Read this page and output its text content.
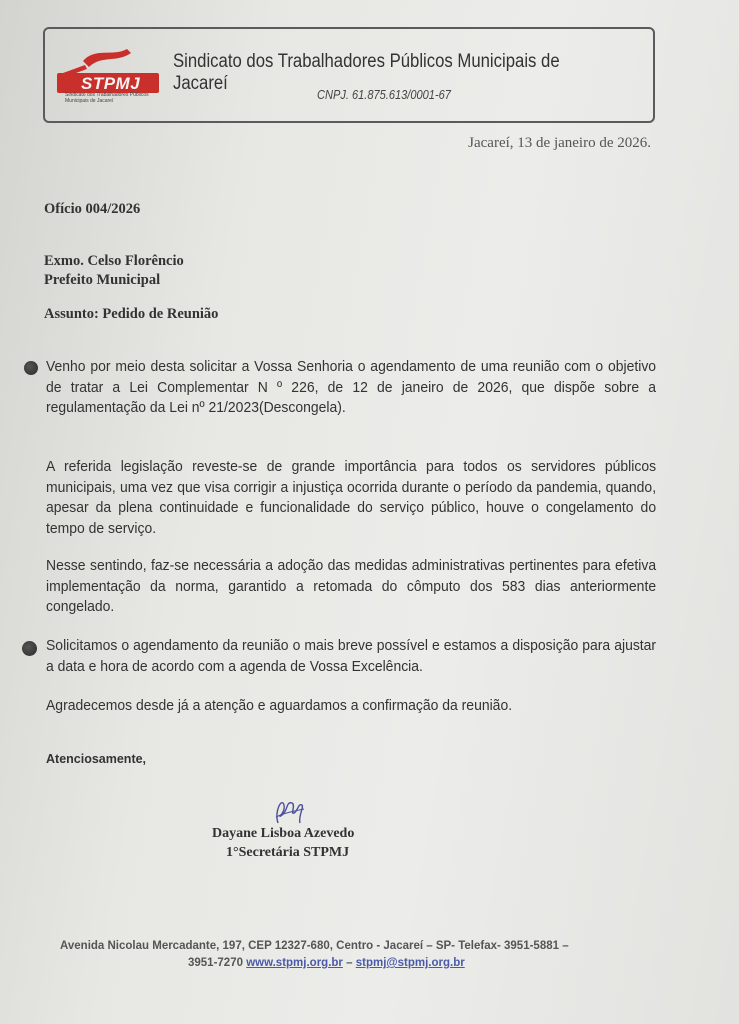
STPMJ
Sindicato dos Trabalhadores Públicos Municipais de Jacareí
Sindicato dos Trabalhadores Públicos Municipais de Jacareí
CNPJ. 61.875.613/0001-67
Jacareí, 13 de janeiro de 2026.
Ofício 004/2026
Exmo. Celso Florêncio
Prefeito Municipal
Assunto: Pedido de Reunião
Venho por meio desta solicitar a Vossa Senhoria o agendamento de uma reunião com o objetivo de tratar a Lei Complementar N º 226, de 12 de janeiro de 2026, que dispõe sobre a regulamentação da Lei nº 21/2023(Descongela).
A referida legislação reveste-se de grande importância para todos os servidores públicos municipais, uma vez que visa corrigir a injustiça ocorrida durante o período da pandemia, quando, apesar da plena continuidade e funcionalidade do serviço público, houve o congelamento do tempo de serviço.
Nesse sentindo, faz-se necessária a adoção das medidas administrativas pertinentes para efetiva implementação da norma, garantido a retomada do cômputo dos 583 dias anteriormente congelado.
Solicitamos o agendamento da reunião o mais breve possível e estamos a disposição para ajustar a data e hora de acordo com a agenda de Vossa Excelência.
Agradecemos desde já a atenção e aguardamos a confirmação da reunião.
Atenciosamente,
Dayane Lisboa Azevedo
1°Secretária STPMJ
Avenida Nicolau Mercadante, 197, CEP 12327-680, Centro - Jacareí – SP- Telefax- 3951-5881 –
3951-7270 www.stpmj.org.br – stpmj@stpmj.org.br
